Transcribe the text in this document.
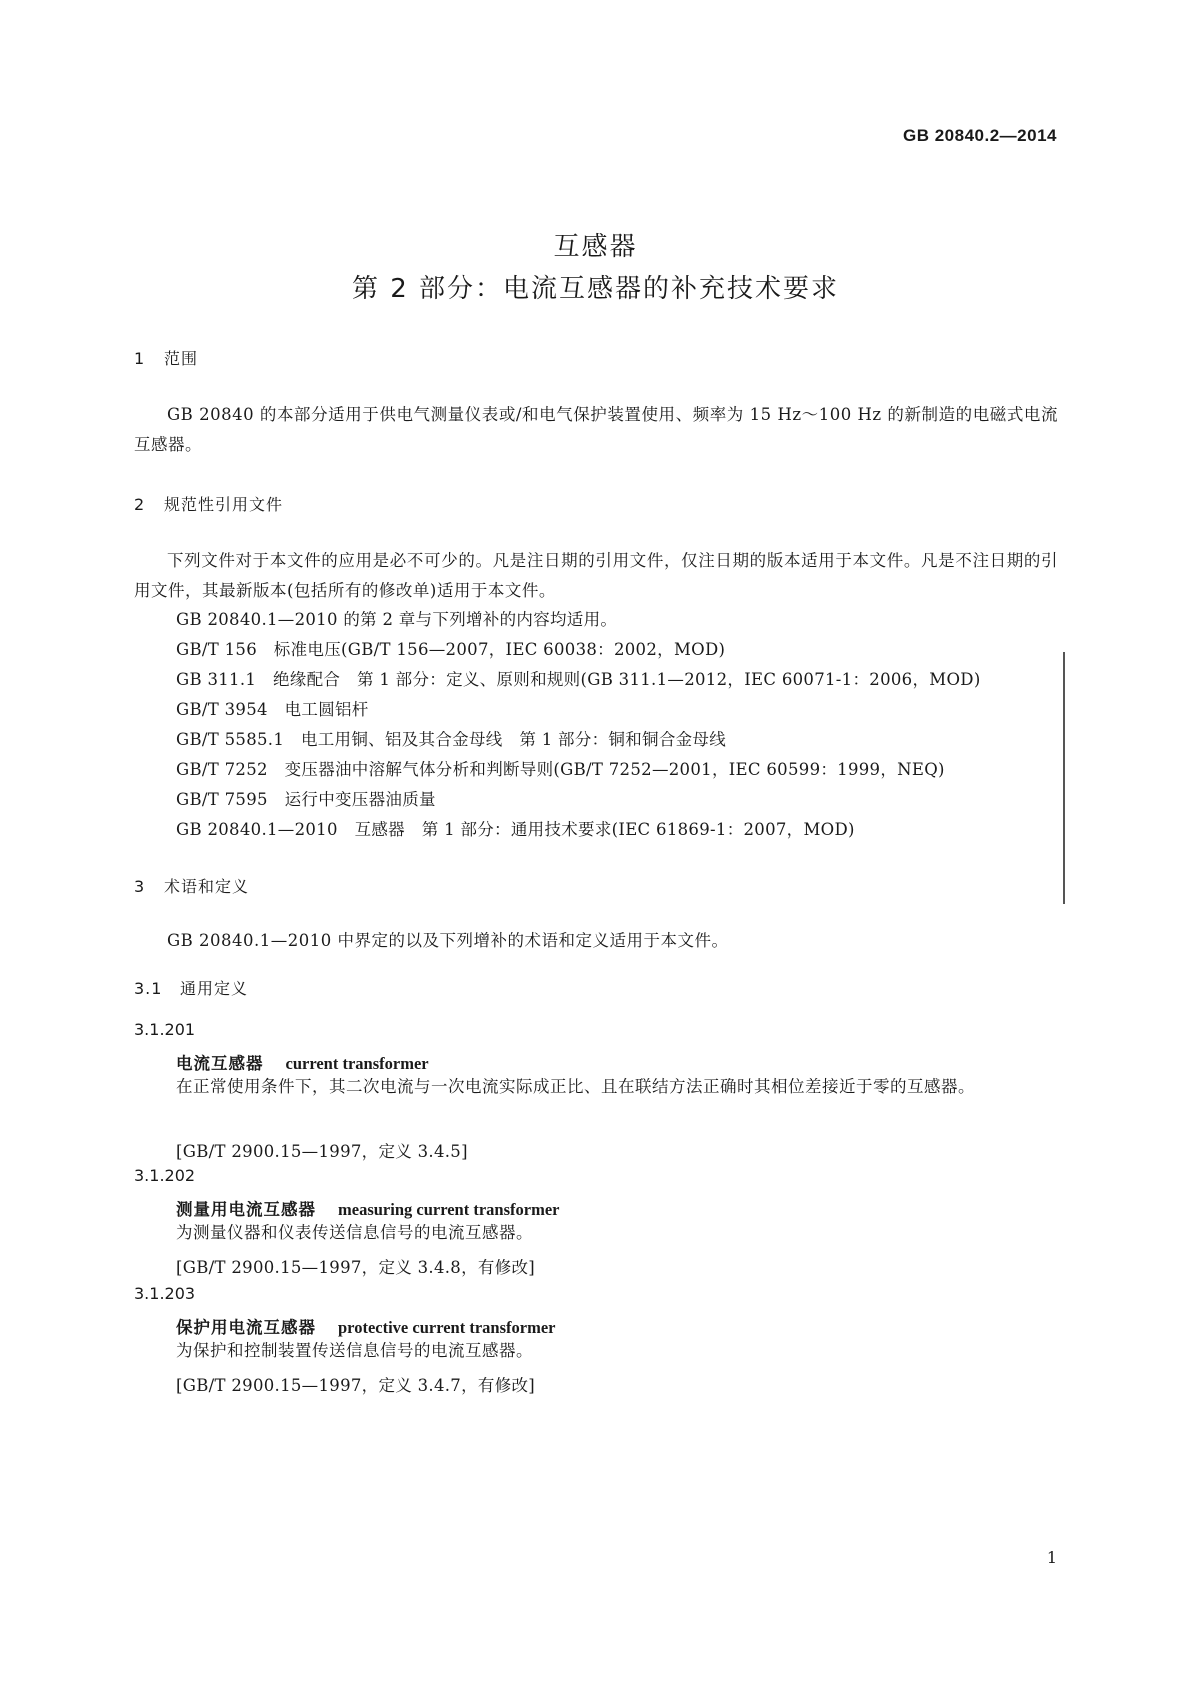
GB 20840.2—2014
互感器
第 2 部分：电流互感器的补充技术要求
1 范围
GB 20840 的本部分适用于供电气测量仪表或/和电气保护装置使用、频率为 15 Hz～100 Hz 的新制造的电磁式电流互感器。
2 规范性引用文件
下列文件对于本文件的应用是必不可少的。凡是注日期的引用文件，仅注日期的版本适用于本文件。凡是不注日期的引用文件，其最新版本(包括所有的修改单)适用于本文件。
GB 20840.1—2010 的第 2 章与下列增补的内容均适用。
GB/T 156　标准电压(GB/T 156—2007，IEC 60038：2002，MOD)
GB 311.1　绝缘配合　第 1 部分：定义、原则和规则(GB 311.1—2012，IEC 60071-1：2006，MOD)
GB/T 3954　电工圆铝杆
GB/T 5585.1　电工用铜、铝及其合金母线　第 1 部分：铜和铜合金母线
GB/T 7252　变压器油中溶解气体分析和判断导则(GB/T 7252—2001，IEC 60599：1999，NEQ)
GB/T 7595　运行中变压器油质量
GB 20840.1—2010　互感器　第 1 部分：通用技术要求(IEC 61869-1：2007，MOD)
3 术语和定义
GB 20840.1—2010 中界定的以及下列增补的术语和定义适用于本文件。
3.1 通用定义
3.1.201
电流互感器 current transformer
在正常使用条件下，其二次电流与一次电流实际成正比、且在联结方法正确时其相位差接近于零的互感器。
[GB/T 2900.15—1997，定义 3.4.5]
3.1.202
测量用电流互感器 measuring current transformer
为测量仪器和仪表传送信息信号的电流互感器。
[GB/T 2900.15—1997，定义 3.4.8，有修改]
3.1.203
保护用电流互感器 protective current transformer
为保护和控制装置传送信息信号的电流互感器。
[GB/T 2900.15—1997，定义 3.4.7，有修改]
1
